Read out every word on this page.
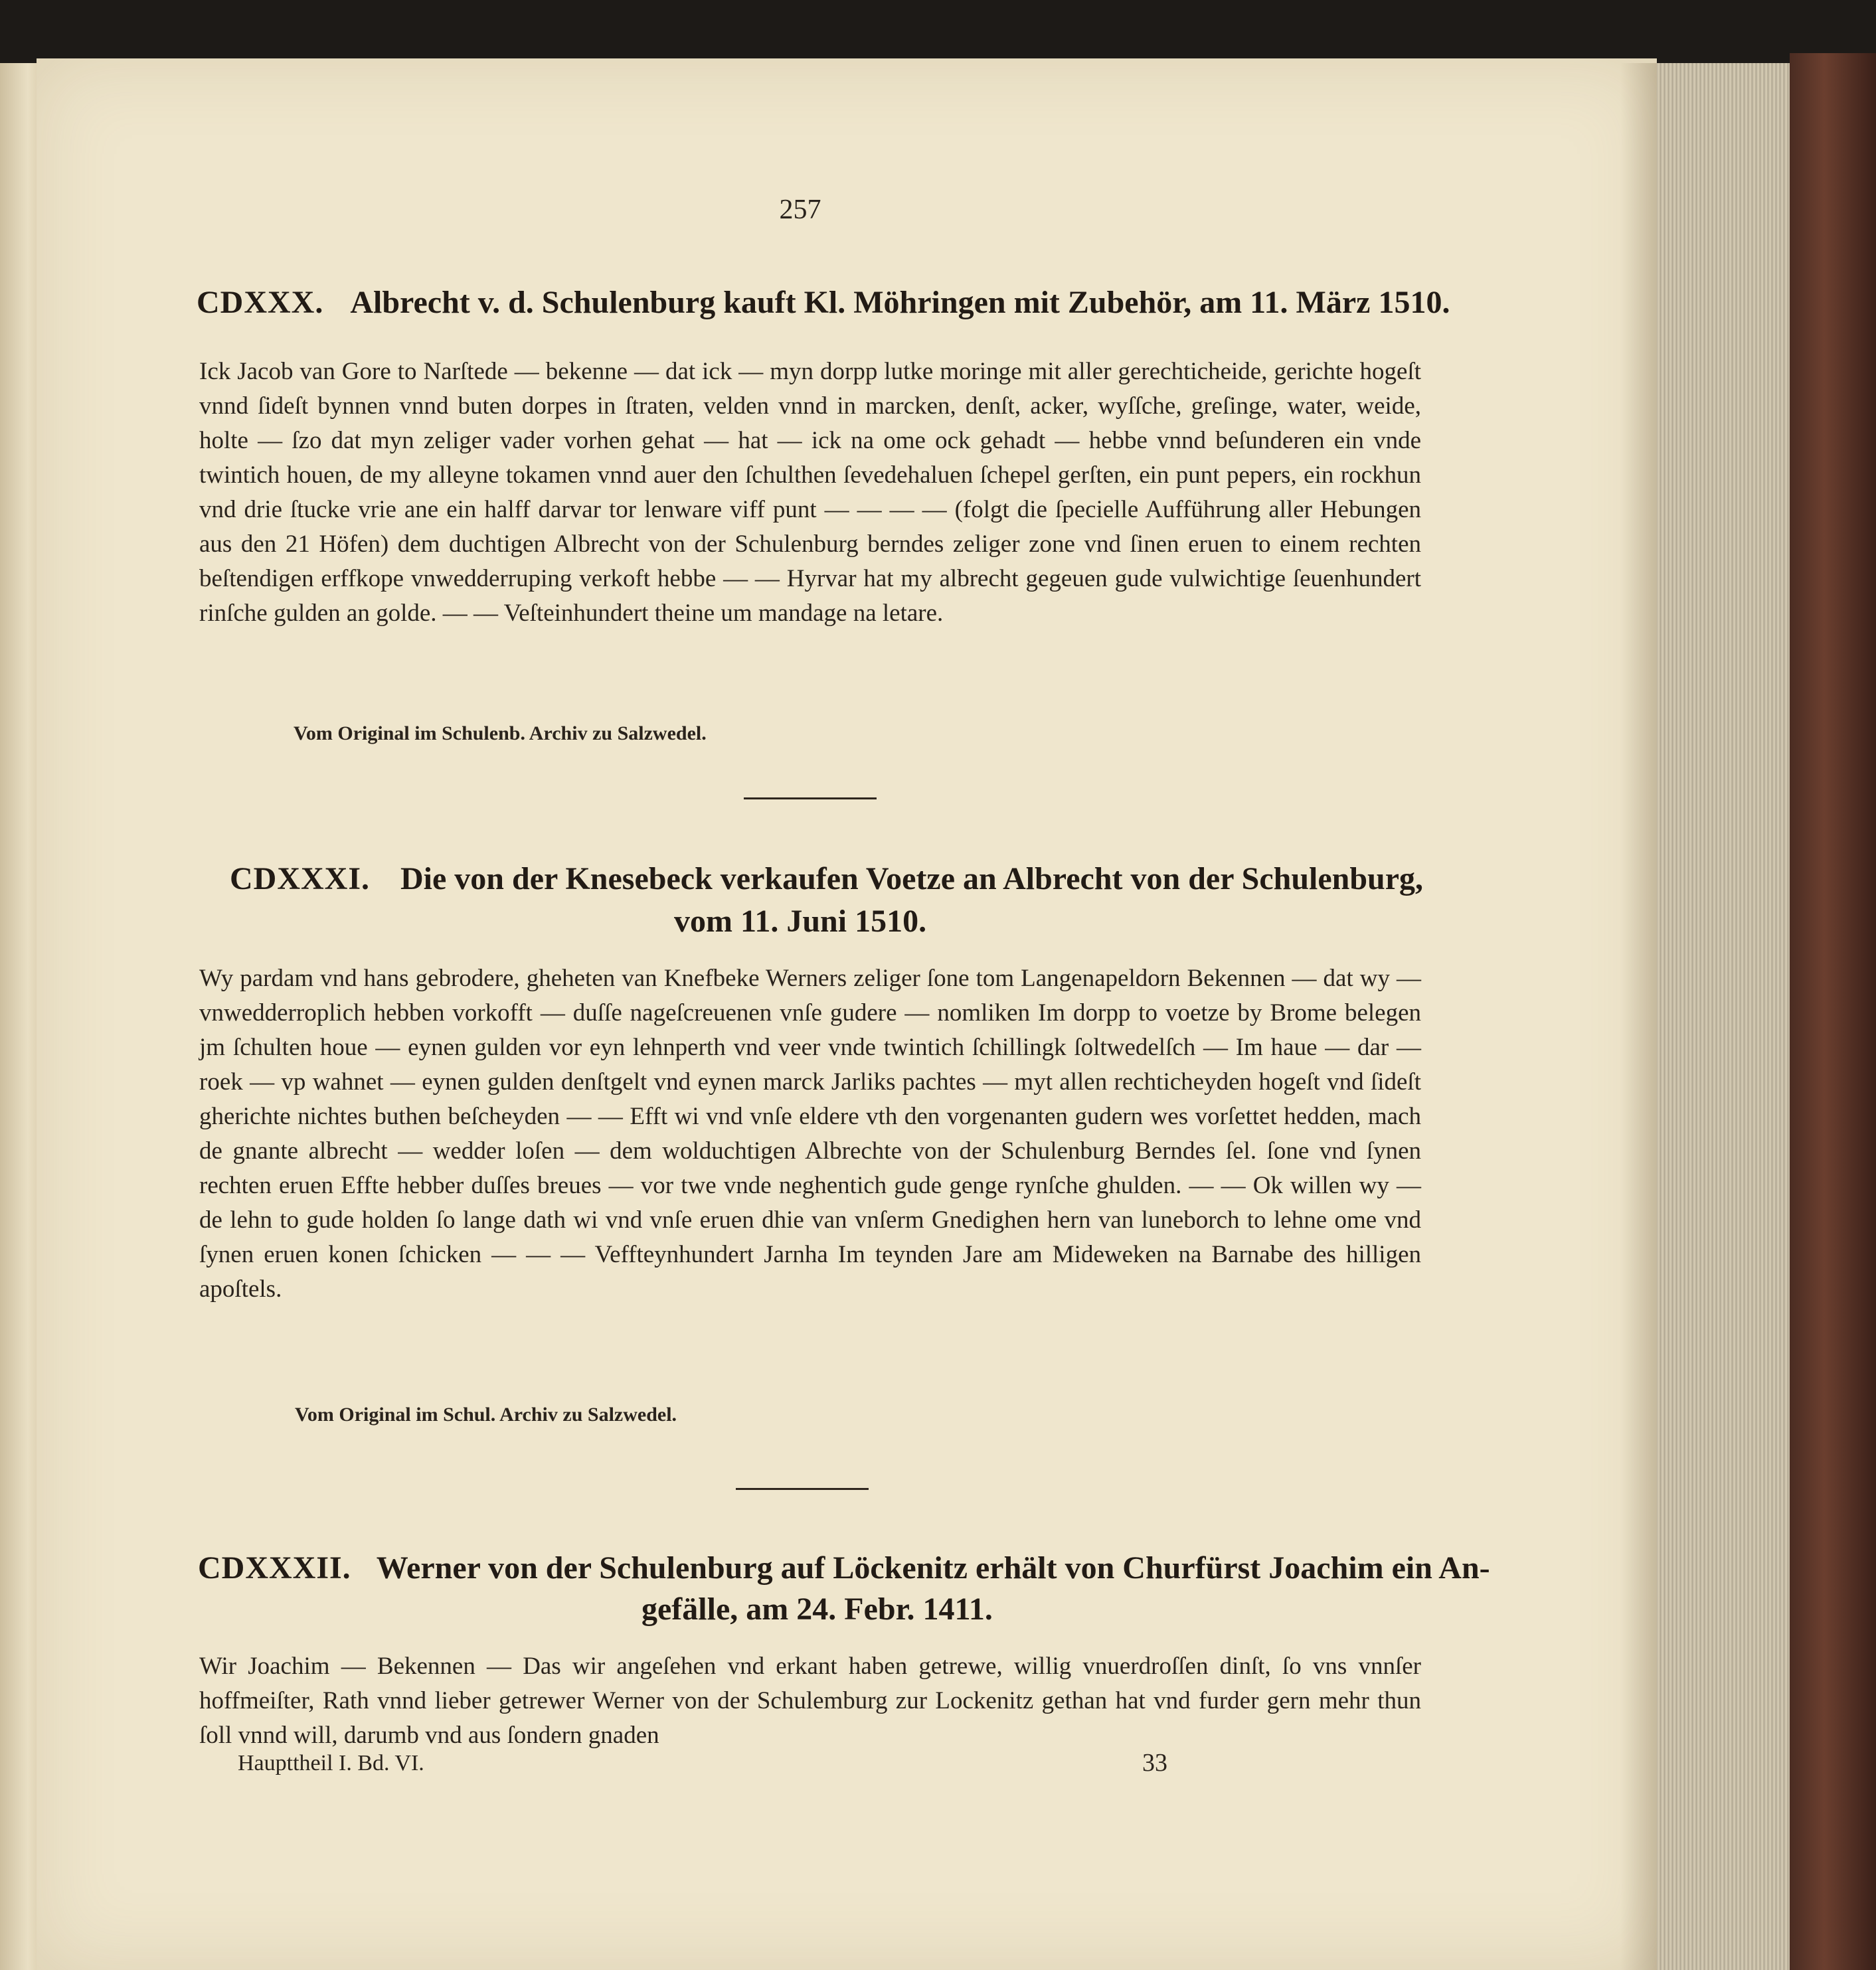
257
CDXXX. Albrecht v. d. Schulenburg kauft Kl. Möhringen mit Zubehör, am 11. März 1510.

Ick Jacob van Gore to Narſtede — bekenne — dat ick — myn dorpp lutke moringe mit aller gerechticheide, gerichte hogeſt vnnd ſideſt bynnen vnnd buten dorpes in ſtraten, velden vnnd in marcken, denſt, acker, wyſſche, greſinge, water, weide, holte — ſzo dat myn zeliger vader vorhen gehat — hat — ick na ome ock gehadt — hebbe vnnd beſunderen ein vnde twintich houen, de my alleyne tokamen vnnd auer den ſchulthen ſevedehaluen ſchepel gerſten, ein punt pepers, ein rockhun vnd drie ſtucke vrie ane ein halff darvar tor lenware viff punt — — — — (folgt die ſpecielle Aufführung aller Hebungen aus den 21 Höfen) dem duchtigen Albrecht von der Schulenburg berndes zeliger zone vnd ſinen eruen to einem rechten beſtendigen erffkope vnwedderruping verkoft hebbe — — Hyrvar hat my albrecht gegeuen gude vulwichtige ſeuenhundert rinſche gulden an golde. — — Veſteinhundert theine um mandage na letare.

Vom Original im Schulenb. Archiv zu Salzwedel.
CDXXXI. Die von der Knesebeck verkaufen Voetze an Albrecht von der Schulenburg,
vom 11. Juni 1510.

Wy pardam vnd hans gebrodere, gheheten van Knefbeke Werners zeliger ſone tom Langenapeldorn Bekennen — dat wy — vnwedderroplich hebben vorkofft — duſſe nageſcreuenen vnſe gudere — nomliken Im dorpp to voetze by Brome belegen jm ſchulten houe — eynen gulden vor eyn lehnperth vnd veer vnde twintich ſchillingk ſoltwedelſch — Im haue — dar — roek — vp wahnet — eynen gulden denſtgelt vnd eynen marck Jarliks pachtes — myt allen rechticheyden hogeſt vnd ſideſt gherichte nichtes buthen beſcheyden — — Efft wi vnd vnſe eldere vth den vorgenanten gudern wes vorſettet hedden, mach de gnante albrecht — wedder loſen — dem wolduchtigen Albrechte von der Schulenburg Berndes ſel. ſone vnd ſynen rechten eruen Effte hebber duſſes breues — vor twe vnde neghentich gude genge rynſche ghulden. — — Ok willen wy — de lehn to gude holden ſo lange dath wi vnd vnſe eruen dhie van vnſerm Gnedighen hern van luneborch to lehne ome vnd ſynen eruen konen ſchicken — — — Veffteynhundert Jarnha Im teynden Jare am Mideweken na Barnabe des hilligen apoſtels.

Vom Original im Schul. Archiv zu Salzwedel.
CDXXXII. Werner von der Schulenburg auf Löckenitz erhält von Churfürst Joachim ein An-
gefälle, am 24. Febr. 1411.

Wir Joachim — Bekennen — Das wir angeſehen vnd erkant haben getrewe, willig vnuerdroſſen dinſt, ſo vns vnnſer hoffmeiſter, Rath vnnd lieber getrewer Werner von der Schulemburg zur Lockenitz gethan hat vnd furder gern mehr thun ſoll vnnd will, darumb vnd aus ſondern gnaden

Haupttheil I. Bd. VI.	33
